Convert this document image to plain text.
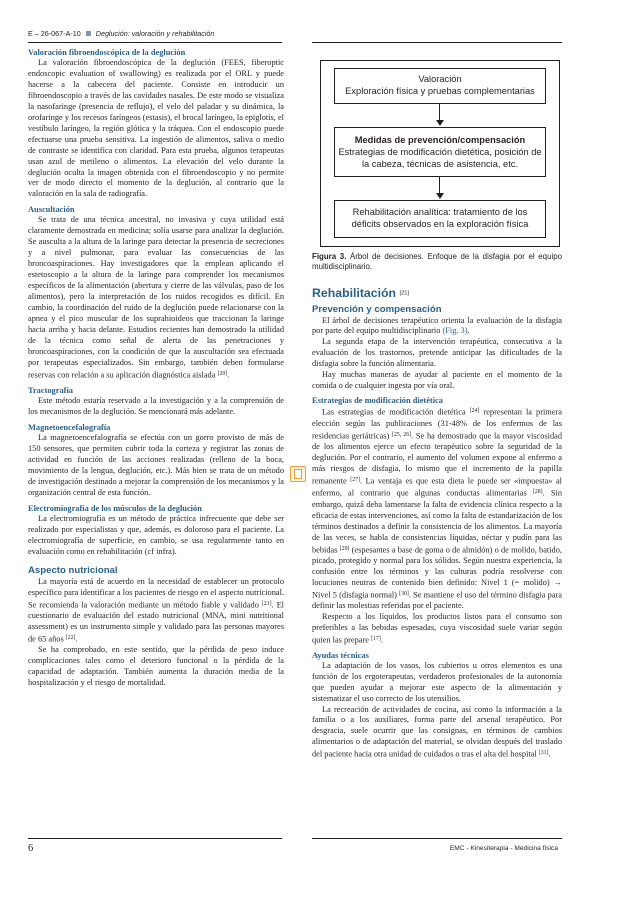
E – 26-067-A-10 Deglución: valoración y rehabilitación
Valoración fibroendoscópica de la deglución

La valoración fibroendoscópica de la deglución (FEES, fiberoptic endoscopic evaluation of swallowing) es realizada por el ORL y puede hacerse a la cabecera del paciente. Consiste en introducir un fibroendoscopio a través de las cavidades nasales. De este modo se visualiza la nasofaringe (presencia de reflujo), el velo del paladar y su dinámica, la orofaringe y los recesos faríngeos (estasis), el brocal laríngeo, la epiglotis, el vestíbulo laríngeo, la región glótica y la tráquea. Con el endoscopio puede efectuarse una prueba sensitiva. La ingestión de alimentos, saliva o medio de contraste se identifica con claridad. Para esta prueba, algunos terapeutas usan azul de metileno o alimentos. La elevación del velo durante la deglución oculta la imagen obtenida con el fibroendoscopio y no permite ver de modo directo el momento de la deglución, al contrario que la valoración en la sala de radiografía.

Auscultación

Se trata de una técnica ancestral, no invasiva y cuya utilidad está claramente demostrada en medicina; solía usarse para analizar la deglución. Se ausculta a la altura de la laringe para detectar la presencia de secreciones y a nivel pulmonar, para evaluar las consecuencias de las broncoaspiraciones. Hay investigadores que la emplean aplicando el estetoscopio a la altura de la laringe para comprender los mecanismos específicos de la alimentación (abertura y cierre de las válvulas, paso de los alimentos), pero la interpretación de los ruidos recogidos es difícil. En cambio, la coordinación del ruido de la deglución puede relacionarse con la apnea y el pico muscular de los suprahioideos que traccionan la laringe hacia arriba y hacia delante. Estudios recientes han demostrado la utilidad de la técnica como señal de alerta de las penetraciones y broncoaspiraciones, con la condición de que la auscultación sea efectuada por terapeutas especializados. Sin embargo, también deben formularse reservas con relación a su aplicación diagnóstica aislada [20].

Tractografía

Este método estaría reservado a la investigación y a la comprensión de los mecanismos de la deglución. Se mencionará más adelante.

Magnetoencefalografía

La magnetoencefalografía se efectúa con un gorro provisto de más de 150 sensores, que permiten cubrir toda la corteza y registrar las zonas de actividad en función de las acciones realizadas (relleno de la boca, movimiento de la lengua, deglución, etc.). Más bien se trata de un método de investigación destinado a mejorar la comprensión de los mecanismos y la organización central de esta función.

Electromiografía de los músculos de la deglución

La electromiografía es un método de práctica infrecuente que debe ser realizado por especialistas y que, además, es doloroso para el paciente. La electromiografía de superficie, en cambio, se usa regularmente tanto en evaluación como en rehabilitación (cf infra).

Aspecto nutricional

La mayoría está de acuerdo en la necesidad de establecer un protocolo específico para identificar a los pacientes de riesgo en el aspecto nutricional. Se recomienda la valoración mediante un método fiable y validado [21]. El cuestionario de evaluación del estado nutricional (MNA, mini nutritional assessment) es un instrumento simple y validado para las personas mayores de 65 años [22].

Se ha comprobado, en este sentido, que la pérdida de peso induce complicaciones tales como el deterioro funcional o la pérdida de la capacidad de adaptación. También aumenta la duración media de la hospitalización y el riesgo de mortalidad.

Valoración
Exploración física y pruebas complementarias
Medidas de prevención/compensación
Estrategias de modificación dietética, posición de la cabeza, técnicas de asistencia, etc.
Rehabilitación analítica: tratamiento de los déficits observados en la exploración física
Figura 3. Árbol de decisiones. Enfoque de la disfagia por el equipo multidisciplinario.
Rehabilitación [21]
Prevención y compensación

El árbol de decisiones terapéutico orienta la evaluación de la disfagia por parte del equipo multidisciplinario (Fig. 3).

La segunda etapa de la intervención terapéutica, consecutiva a la evaluación de los trastornos, pretende anticipar las dificultades de la disfagia sobre la función alimentaria.

Hay muchas maneras de ayudar al paciente en el momento de la comida o de cualquier ingesta por vía oral.

Estrategias de modificación dietética

Las estrategias de modificación dietética [24] representan la primera elección según las publicaciones (31-48% de los enfermos de las residencias geriátricas) [25, 26]. Se ha demostrado que la mayor viscosidad de los alimentos ejerce un efecto terapéutico sobre la seguridad de la deglución. Por el contrario, el aumento del volumen expone al enfermo a más riesgos de disfagia, lo mismo que el incremento de la papilla remanente [27]. La ventaja es que esta dieta le puede ser «impuesta» al enfermo, al contrario que algunas conductas alimentarias [28]. Sin embargo, quizá deba lamentarse la falta de evidencia clínica respecto a la eficacia de estas intervenciones, así como la falta de estandarización de los términos destinados a definir la consistencia de los alimentos. La mayoría de las veces, se habla de consistencias líquidas, néctar y pudín para las bebidas [29] (espesantes a base de goma o de almidón) o de molido, batido, picado, protegido y normal para los sólidos. Según nuestra experiencia, la confusión entre los términos y las culturas podría resolverse con locuciones neutras de contenido bien definido: Nivel 1 (= molido) → Nivel 5 (disfagia normal) [30]. Se mantiene el uso del término disfagia para definir las molestias referidas por el paciente.

Respecto a los líquidos, los productos listos para el consumo son preferibles a las bebidas espesadas, cuya viscosidad suele variar según quien las prepare [17].

Ayudas técnicas

La adaptación de los vasos, los cubiertos u otros elementos es una función de los ergoterapeutas, verdaderos profesionales de la autonomía que pueden ayudar a mejorar este aspecto de la alimentación y sistematizar el uso correcto de los utensilios.

La recreación de actividades de cocina, así como la información a la familia o a los auxiliares, forma parte del arsenal terapéutico. Por desgracia, suele ocurrir que las consignas, en términos de cambios alimentarios o de adaptación del material, se olvidan después del traslado del paciente hacia otra unidad de cuidados o tras el alta del hospital [31].

6	EMC - Kinesiterapia - Medicina física
